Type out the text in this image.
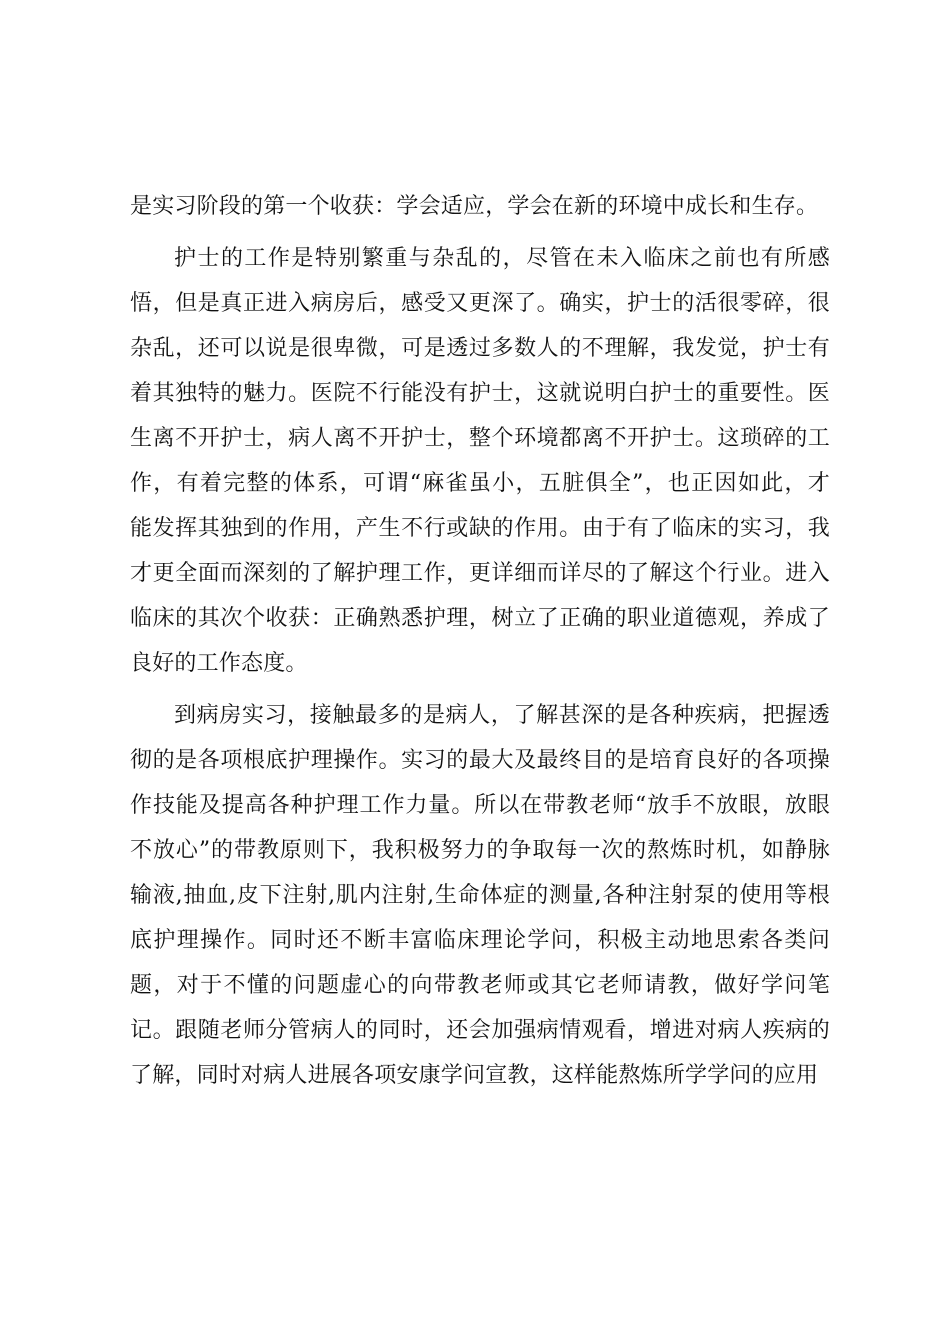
是实习阶段的第一个收获：学会适应，学会在新的环境中成长和生存。
护士的工作是特别繁重与杂乱的，尽管在未入临床之前也有所感
悟，但是真正进入病房后，感受又更深了。确实，护士的活很零碎，很
杂乱，还可以说是很卑微，可是透过多数人的不理解，我发觉，护士有
着其独特的魅力。医院不行能没有护士，这就说明白护士的重要性。医
生离不开护士，病人离不开护士，整个环境都离不开护士。这琐碎的工
作，有着完整的体系，可谓“麻雀虽小，五脏俱全”，也正因如此，才
能发挥其独到的作用，产生不行或缺的作用。由于有了临床的实习，我
才更全面而深刻的了解护理工作，更详细而详尽的了解这个行业。进入
临床的其次个收获：正确熟悉护理，树立了正确的职业道德观，养成了
良好的工作态度。
到病房实习，接触最多的是病人，了解甚深的是各种疾病，把握透
彻的是各项根底护理操作。实习的最大及最终目的是培育良好的各项操
作技能及提高各种护理工作力量。所以在带教老师“放手不放眼，放眼
不放心”的带教原则下，我积极努力的争取每一次的熬炼时机，如静脉
输液,抽血,皮下注射,肌内注射,生命体症的测量,各种注射泵的使用等根
底护理操作。同时还不断丰富临床理论学问，积极主动地思索各类问
题，对于不懂的问题虚心的向带教老师或其它老师请教，做好学问笔
记。跟随老师分管病人的同时，还会加强病情观看，增进对病人疾病的
了解，同时对病人进展各项安康学问宣教，这样能熬炼所学学问的应用
